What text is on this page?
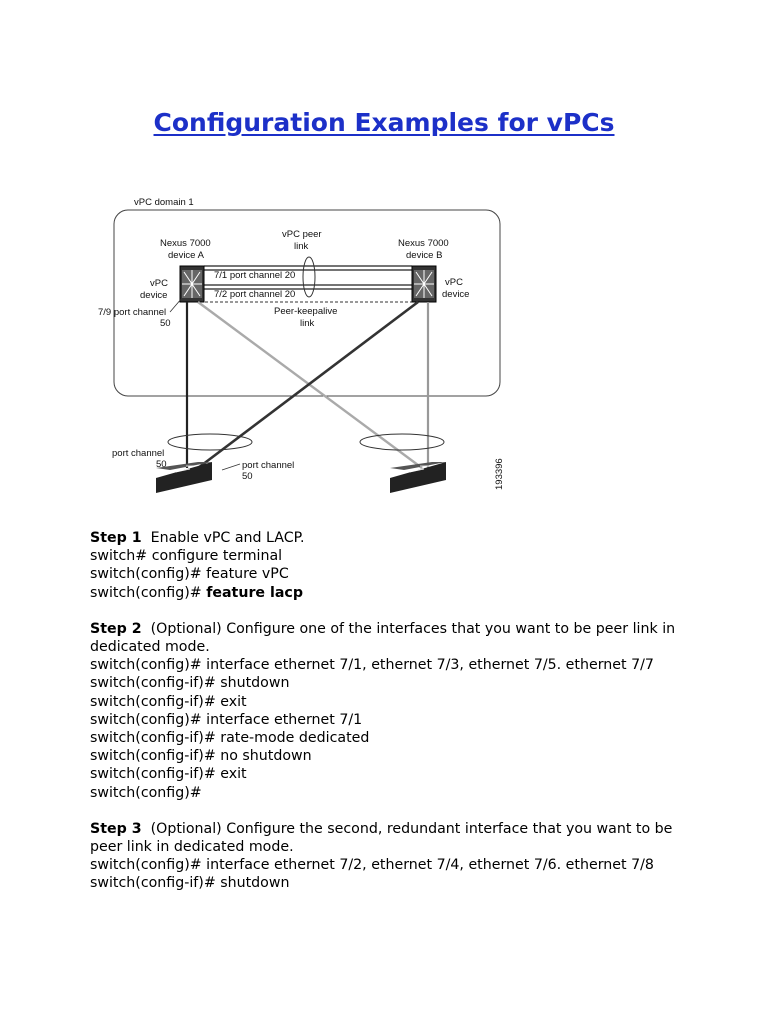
Configuration Examples for vPCs
vPC domain 1
Nexus 7000
device A
Nexus 7000
device B
vPC peer
link
vPC
device
vPC
device
7/1 port channel 20
7/2 port channel 20
Peer-keepalive
link
7/9 port channel
50
port channel
50	port channel
50	193396
Step 1 Enable vPC and LACP.
switch# configure terminal
switch(config)# feature vPC
switch(config)# feature lacp
Step 2 (Optional) Configure one of the interfaces that you want to be peer link in dedicated mode.
switch(config)# interface ethernet 7/1, ethernet 7/3, ethernet 7/5. ethernet 7/7
switch(config-if)# shutdown
switch(config-if)# exit
switch(config)# interface ethernet 7/1
switch(config-if)# rate-mode dedicated
switch(config-if)# no shutdown
switch(config-if)# exit
switch(config)#
Step 3 (Optional) Configure the second, redundant interface that you want to be peer link in dedicated mode.
switch(config)# interface ethernet 7/2, ethernet 7/4, ethernet 7/6. ethernet 7/8
switch(config-if)# shutdown
